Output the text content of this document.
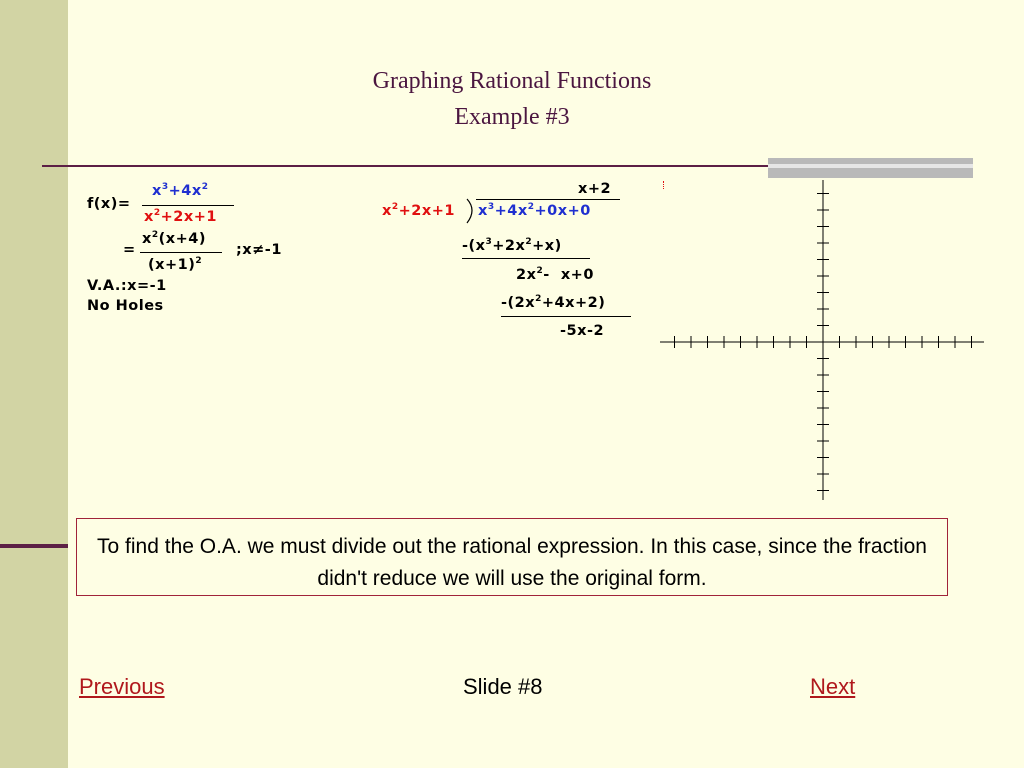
Graphing Rational Functions
Example #3
f(x)=
$x^3+4x^2$
$x^2+2x+1$
=
$x^2(x+4)$
$(x+1)^2$
;x≠-1
V.A.:x=-1
No Holes
x+2
$x^2+2x+1$ $x^3+4x^2+0x+0$
$-(x^3+2x^2+x)$
$2x^2-$  x+0
$-(2x^2+4x+2)$
-5x-2

To find the O.A. we must divide out the rational expression. In this case, since the fraction didn't reduce we will use the original form.

Previous	Slide #8	Next
